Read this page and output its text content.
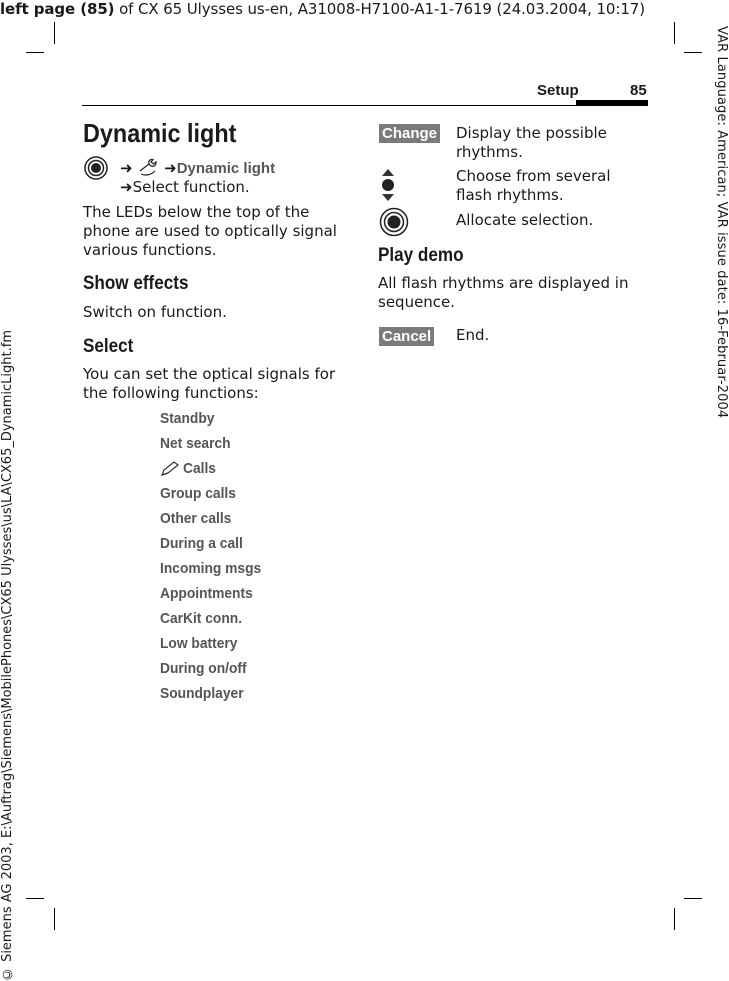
left page (85) of CX 65 Ulysses us-en, A31008-H7100-A1-1-7619 (24.03.2004, 10:17)
VAR Language: American; VAR issue date: 16-Februar-2004
© Siemens AG 2003, E:\Auftrag\Siemens\MobilePhones\CX65 Ulysses\us\LA\CX65_DynamicLight.fm
Setup	85
Dynamic light
➜ ➜Dynamic light

➜Select function.

The LEDs below the top of the phone are used to optically signal various functions.

Show effects

Switch on function.

Select

You can set the optical signals for the following functions:

Standby
Net search
Calls
Group calls
Other calls
During a call
Incoming msgs
Appointments
CarKit conn.
Low battery
During on/off
Soundplayer
Change Display the possible rhythms.

Choose from several flash rhythms.

Allocate selection.

Play demo

All flash rhythms are displayed in sequence.

Cancel End.
